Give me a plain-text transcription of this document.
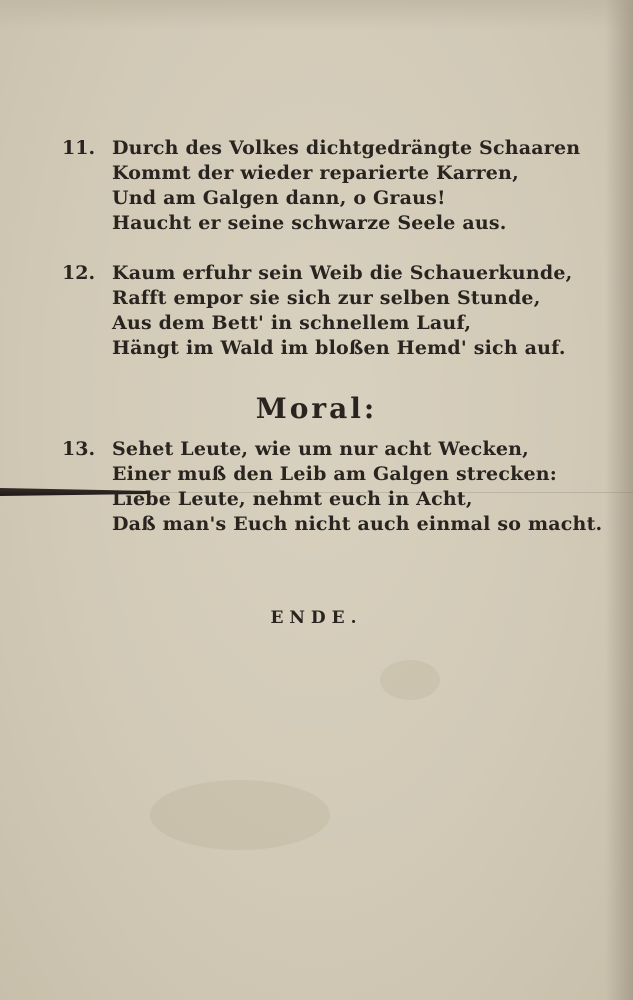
11. Durch des Volkes dichtgedrängte Schaaren
Kommt der wieder reparierte Karren,
Und am Galgen dann, o Graus!
Haucht er seine schwarze Seele aus.
12. Kaum erfuhr sein Weib die Schauerkunde,
Rafft empor sie sich zur selben Stunde,
Aus dem Bett' in schnellem Lauf,
Hängt im Wald im bloßen Hemd' sich auf.
Moral:
13. Sehet Leute, wie um nur acht Wecken,
Einer muß den Leib am Galgen strecken:
Liebe Leute, nehmt euch in Acht,
Daß man's Euch nicht auch einmal so macht.
ENDE.
